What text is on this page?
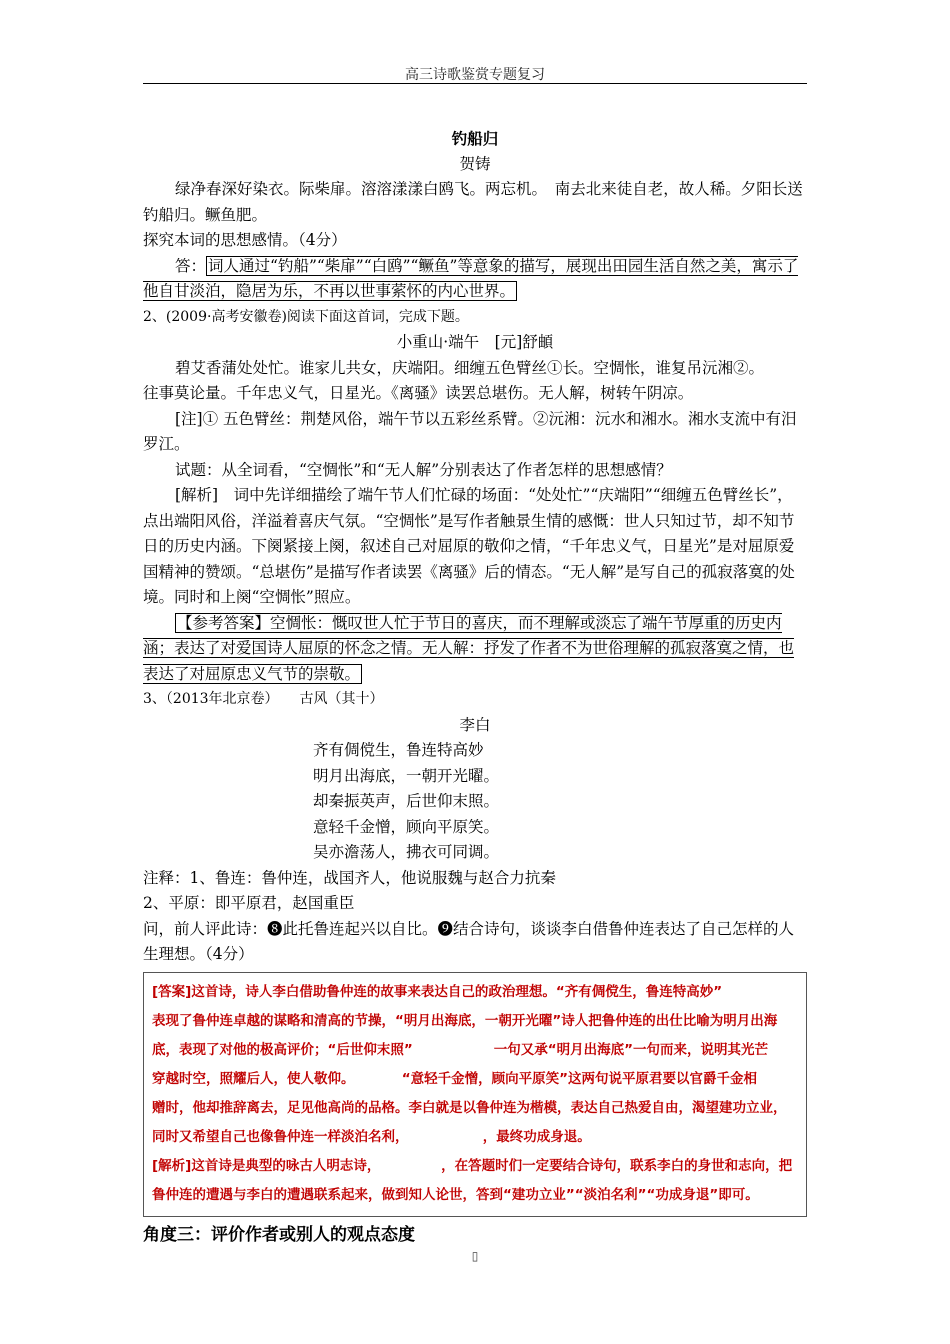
高三诗歌鉴赏专题复习

钓船归

贺铸

绿净春深好染衣。际柴扉。溶溶漾漾白鸥飞。两忘机。　南去北来徒自老，故人稀。夕阳长送钓船归。鳜鱼肥。

探究本词的思想感情。（4分）

答： 词人通过“钓船”“柴扉”“白鸥”“鳜鱼”等意象的描写，展现出田园生活自然之美，寓示了他自甘淡泊，隐居为乐，不再以世事萦怀的内心世界。

2、(2009·高考安徽卷)阅读下面这首词，完成下题。

小重山·端午　[元]舒頔

碧艾香蒲处处忙。谁家儿共女，庆端阳。细缠五色臂丝①长。空惆怅，谁复吊沅湘②。

往事莫论量。千年忠义气，日星光。《离骚》读罢总堪伤。无人解，树转午阴凉。

[注]① 五色臂丝：荆楚风俗，端午节以五彩丝系臂。②沅湘：沅水和湘水。湘水支流中有汨罗江。

试题：从全词看，“空惆怅”和“无人解”分别表达了作者怎样的思想感情？

[解析]　词中先详细描绘了端午节人们忙碌的场面：“处处忙”“庆端阳”“细缠五色臂丝长”，点出端阳风俗，洋溢着喜庆气氛。“空惆怅”是写作者触景生情的感慨：世人只知过节，却不知节日的历史内涵。下阕紧接上阕，叙述自己对屈原的敬仰之情，“千年忠义气，日星光”是对屈原爱国精神的赞颂。“总堪伤”是描写作者读罢《离骚》后的情态。“无人解”是写自己的孤寂落寞的处境。同时和上阕“空惆怅”照应。

【参考答案】空惆怅：慨叹世人忙于节日的喜庆，而不理解或淡忘了端午节厚重的历史内涵；表达了对爱国诗人屈原的怀念之情。无人解：抒发了作者不为世俗理解的孤寂落寞之情，也表达了对屈原忠义气节的崇敬。

3、（2013年北京卷）　　古风（其十）

李白

齐有倜傥生，鲁连特高妙

明月出海底，一朝开光曜。

却秦振英声，后世仰末照。

意轻千金憎，顾向平原笑。

吴亦澹荡人，拂衣可同调。

注释：1、鲁连：鲁仲连，战国齐人，他说服魏与赵合力抗秦

2、平原：即平原君，赵国重臣

问，前人评此诗：❽此托鲁连起兴以自比。❾结合诗句，谈谈李白借鲁仲连表达了自己怎样的人生理想。（4分）

[答案]这首诗，诗人李白借助鲁仲连的故事来表达自己的政治理想。“齐有倜傥生，鲁连特高妙”
表现了鲁仲连卓越的谋略和清高的节操，“明月出海底，一朝开光曜”诗人把鲁仲连的出仕比喻为明月出海
底，表现了对他的极高评价；“后世仰末照”　　　　　　一句又承“明月出海底”一句而来，说明其光芒
穿越时空，照耀后人，使人敬仰。　　　　“意轻千金憎，顾向平原笑”这两句说平原君要以官爵千金相
赠时，他却推辞离去，足见他高尚的品格。李白就是以鲁仲连为楷模，表达自己热爱自由，渴望建功立业，
同时又希望自己也像鲁仲连一样淡泊名利，　　　　　　，最终功成身退。
[解析]这首诗是典型的咏古人明志诗，　　　　　，在答题时们一定要结合诗句，联系李白的身世和志向，把
鲁仲连的遭遇与李白的遭遇联系起来，做到知人论世，答到“建功立业”“淡泊名利”“功成身退”即可。

角度三：评价作者或别人的观点态度

▯
